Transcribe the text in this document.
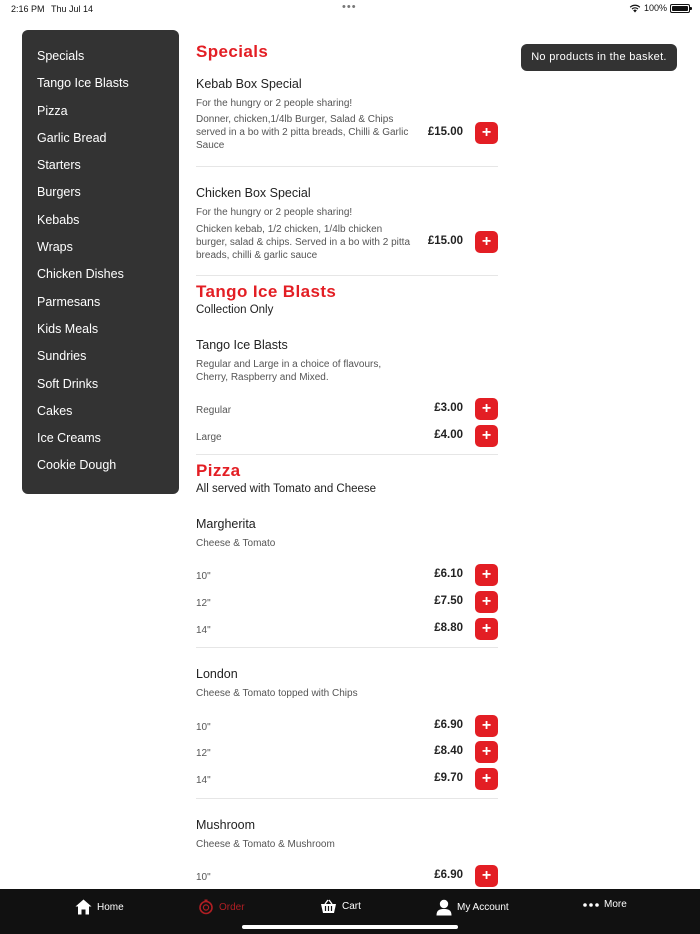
2:16 PM Thu Jul 14	•••	100%
Specials
Tango Ice Blasts
Pizza
Garlic Bread
Starters
Burgers
Kebabs
Wraps
Chicken Dishes
Parmesans
Kids Meals
Sundries
Soft Drinks
Cakes
Ice Creams
Cookie Dough
No products in the basket.
Specials
Kebab Box Special
For the hungry or 2 people sharing!
Donner, chicken,1/4lb Burger, Salad & Chips served in a bo with 2 pitta breads, Chilli & Garlic Sauce
£15.00	+
Chicken Box Special
For the hungry or 2 people sharing!
Chicken kebab, 1/2 chicken, 1/4lb chicken burger, salad & chips. Served in a bo with 2 pitta breads, chilli & garlic sauce
£15.00	+
Tango Ice Blasts
Collection Only
Tango Ice Blasts
Regular and Large in a choice of flavours, Cherry, Raspberry and Mixed.
Regular	£3.00	+
Large	£4.00	+
Pizza
All served with Tomato and Cheese
Margherita
Cheese & Tomato
10"	£6.10	+
12"	£7.50	+
14"	£8.80	+
London
Cheese & Tomato topped with Chips
10"	£6.90	+
12"	£8.40	+
14"	£9.70	+
Mushroom
Cheese & Tomato & Mushroom
10"	£6.90	+
Home	Order	Cart	My Account	More
